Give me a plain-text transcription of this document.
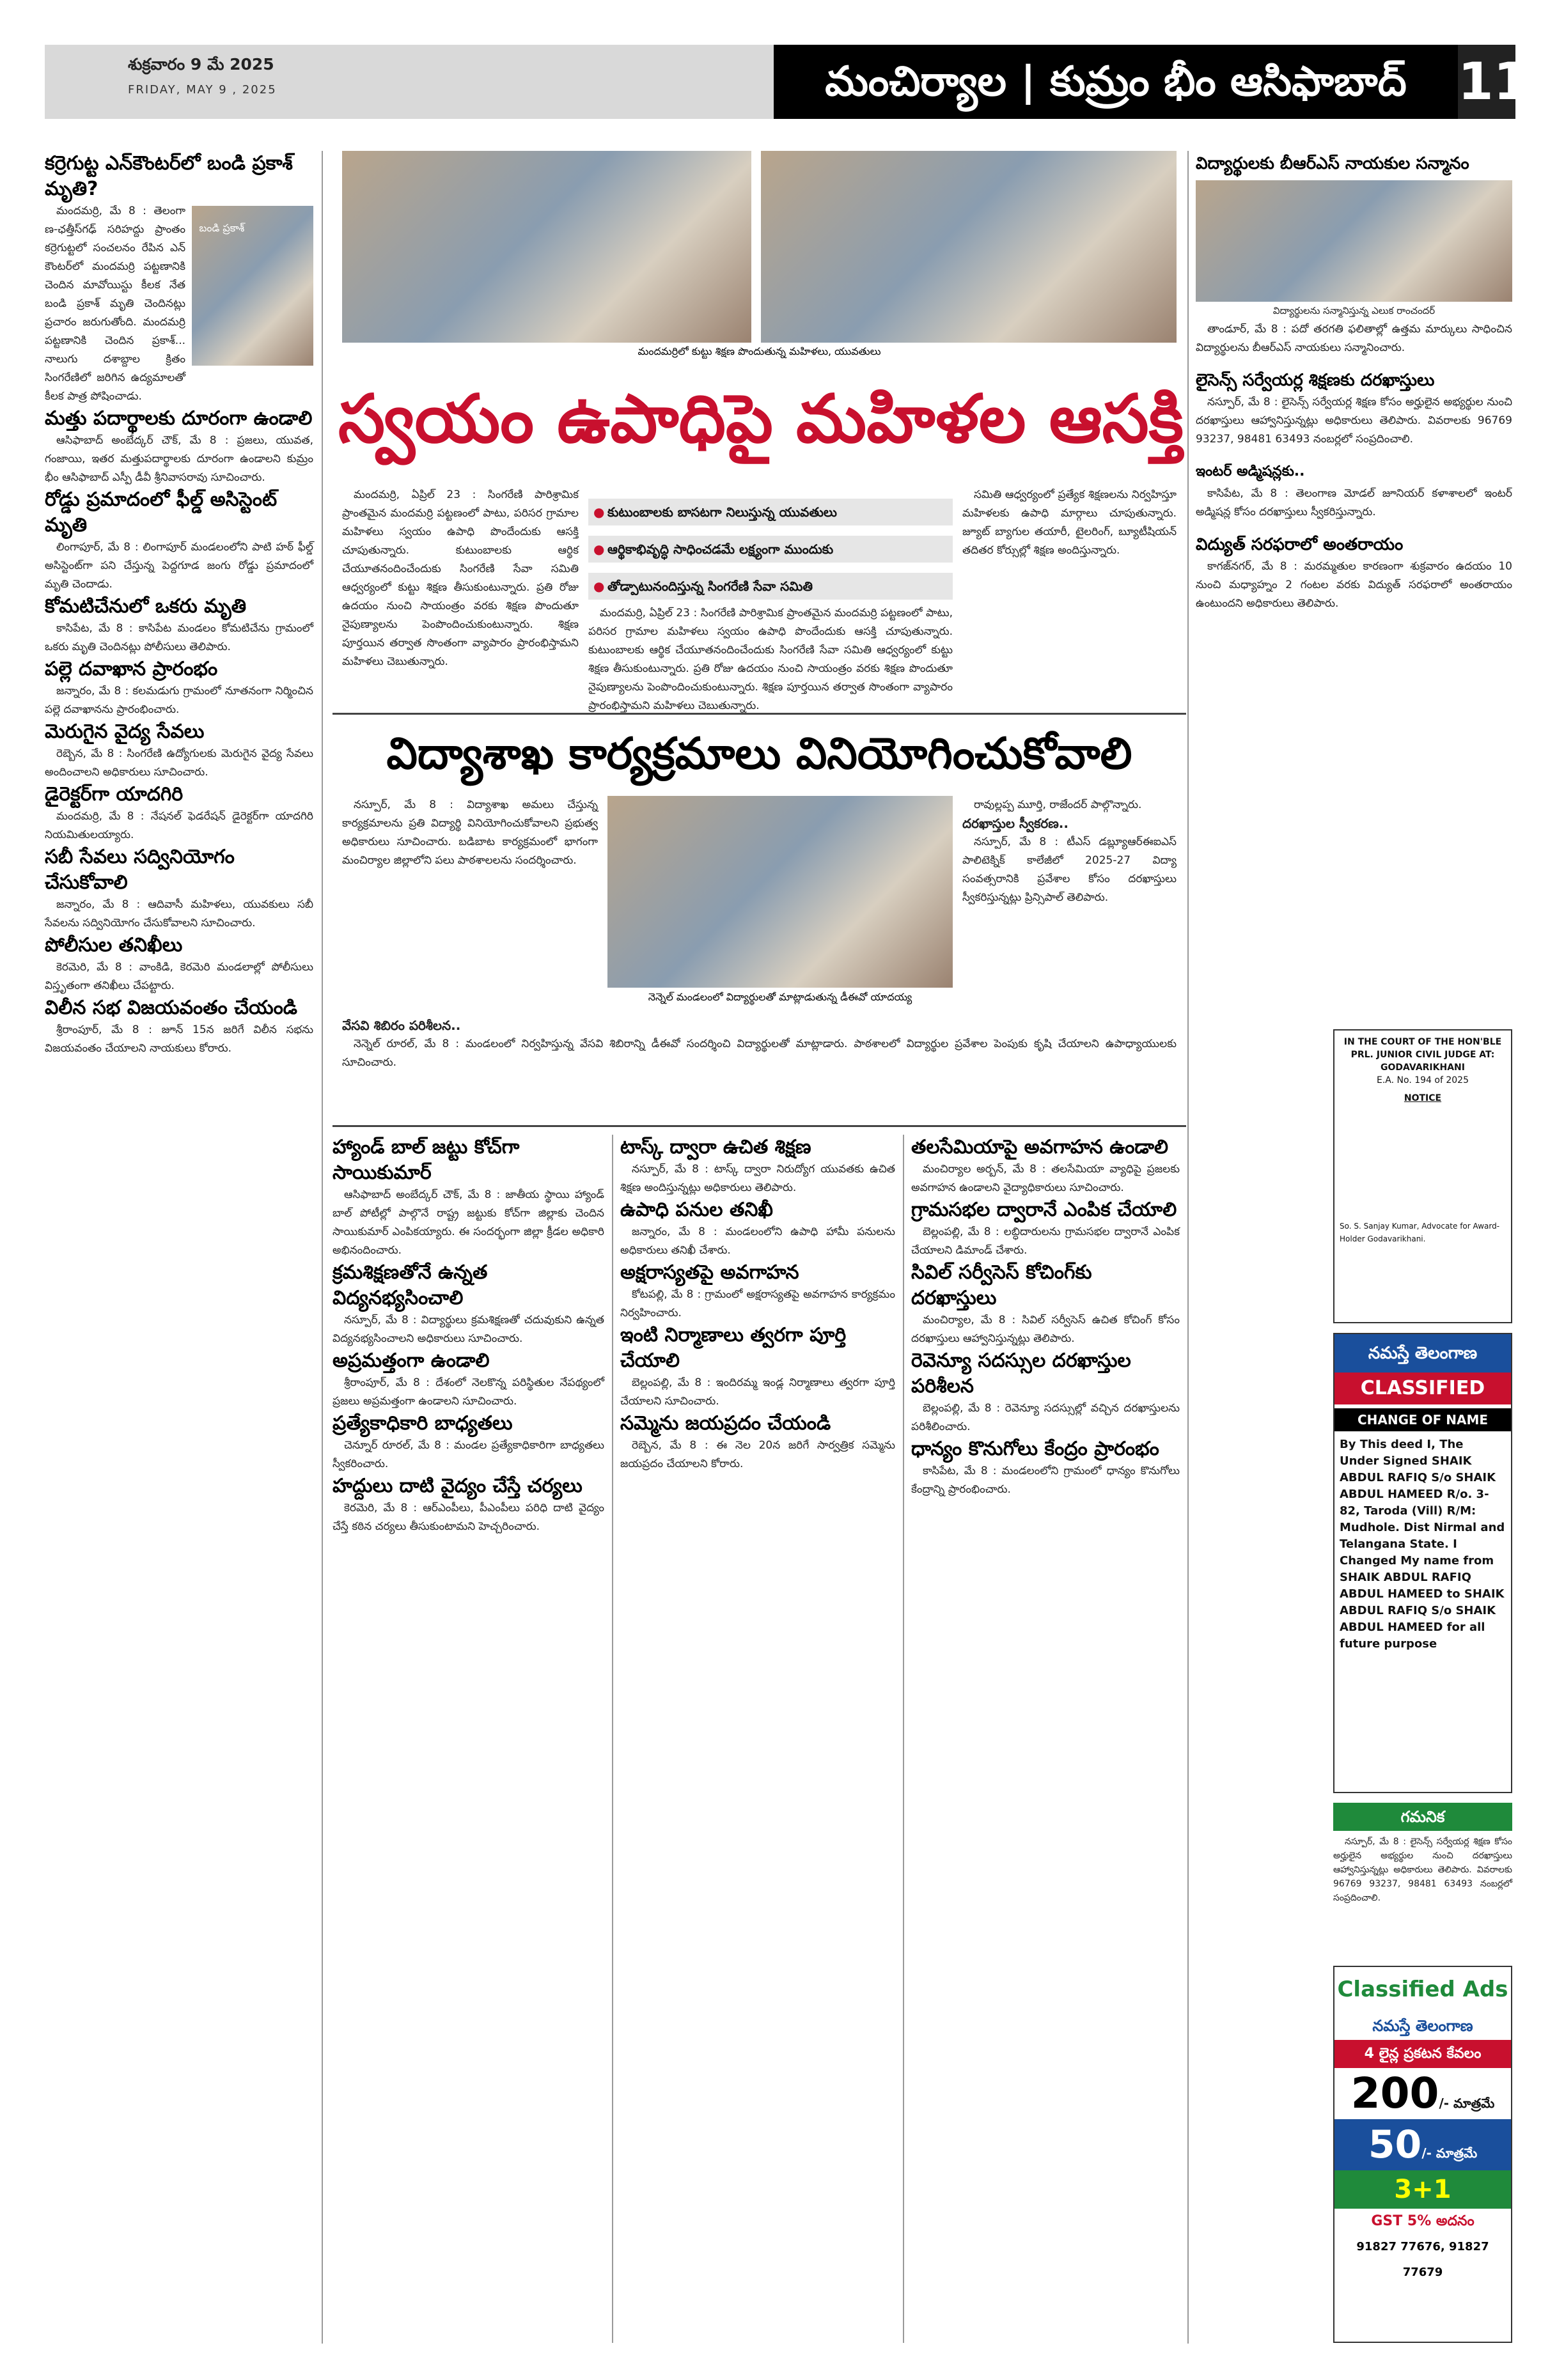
శుక్రవారం 9 మే 2025
FRIDAY, MAY 9 , 2025	మంచిర్యాల | కుమ్రం భీం ఆసిఫాబాద్	11
కర్రెగుట్ట ఎన్‌కౌంటర్‌లో బండి ప్రకాశ్ మృతి?
బండి ప్రకాశ్

మందమర్రి, మే 8 : తెలంగా ణ-ఛత్తీస్‌గఢ్ సరిహద్దు ప్రాంతం కర్రెగుట్టలో సంచలనం రేపిన ఎన్ కౌంటర్‌లో మందమర్రి పట్టణానికి చెందిన మావోయిస్టు కీలక నేత బండి ప్రకాశ్ మృతి చెందినట్లు ప్రచారం జరుగుతోంది. మందమర్రి పట్టణానికి చెందిన ప్రకాశ్... నాలుగు దశాబ్దాల క్రితం సింగరేణిలో జరిగిన ఉద్యమాలతో కీలక పాత్ర పోషించాడు.

మత్తు పదార్థాలకు దూరంగా ఉండాలి

ఆసిఫాబాద్ అంబేద్కర్ చౌక్, మే 8 : ప్రజలు, యువత, గంజాయి, ఇతర మత్తుపదార్థాలకు దూరంగా ఉండాలని కుమ్రం భీం ఆసిఫాబాద్ ఎస్పీ డీవీ శ్రీనివాసరావు సూచించారు.

రోడ్డు ప్రమాదంలో ఫీల్డ్ అసిస్టెంట్ మృతి

లింగాపూర్, మే 8 : లింగాపూర్ మండలంలోని పాటి హఠ్ ఫీల్డ్ అసిస్టెంట్‌గా పని చేస్తున్న పెద్దగూడ జంగు రోడ్డు ప్రమాదంలో మృతి చెందాడు.

కోమటిచేనులో ఒకరు మృతి

కాసిపేట, మే 8 : కాసిపేట మండలం కోమటిచేను గ్రామంలో ఒకరు మృతి చెందినట్లు పోలీసులు తెలిపారు.

పల్లె దవాఖాన ప్రారంభం

జన్నారం, మే 8 : కలమడుగు గ్రామంలో నూతనంగా నిర్మించిన పల్లె దవాఖానను ప్రారంభించారు.

మెరుగైన వైద్య సేవలు

రెబ్బెన, మే 8 : సింగరేణి ఉద్యోగులకు మెరుగైన వైద్య సేవలు అందించాలని అధికారులు సూచించారు.

డైరెక్టర్‌గా యాదగిరి

మందమర్రి, మే 8 : నేషనల్ ఫెడరేషన్ డైరెక్టర్‌గా యాదగిరి నియమితులయ్యారు.

సబీ సేవలు సద్వినియోగం చేసుకోవాలి

జన్నారం, మే 8 : ఆదివాసీ మహిళలు, యువకులు సబీ సేవలను సద్వినియోగం చేసుకోవాలని సూచించారు.

పోలీసుల తనిఖీలు

కెరమెరి, మే 8 : వాంకిడి, కెరమెరి మండలాల్లో పోలీసులు విస్తృతంగా తనిఖీలు చేపట్టారు.

విలీన సభ విజయవంతం చేయండి

శ్రీరాంపూర్, మే 8 : జూన్ 15న జరిగే విలీన సభను విజయవంతం చేయాలని నాయకులు కోరారు.

మందమర్రిలో కుట్టు శిక్షణ పొందుతున్న మహిళలు, యువతులు
స్వయం ఉపాధిపై మహిళల ఆసక్తి

మందమర్రి, ఏప్రిల్ 23 : సింగరేణి పారిశ్రామిక ప్రాంతమైన మందమర్రి పట్టణంలో పాటు, పరిసర గ్రామాల మహిళలు స్వయం ఉపాధి పొందేందుకు ఆసక్తి చూపుతున్నారు. కుటుంబాలకు ఆర్థిక చేయూతనందించేందుకు సింగరేణి సేవా సమితి ఆధ్వర్యంలో కుట్టు శిక్షణ తీసుకుంటున్నారు. ప్రతి రోజు ఉదయం నుంచి సాయంత్రం వరకు శిక్షణ పొందుతూ నైపుణ్యాలను పెంపొందించుకుంటున్నారు. శిక్షణ పూర్తయిన తర్వాత సొంతంగా వ్యాపారం ప్రారంభిస్తామని మహిళలు చెబుతున్నారు.

● కుటుంబాలకు బాసటగా నిలుస్తున్న యువతులు
● ఆర్థికాభివృద్ధి సాధించడమే లక్ష్యంగా ముందుకు
● తోడ్పాటునందిస్తున్న సింగరేణి సేవా సమితి

మందమర్రి, ఏప్రిల్ 23 : సింగరేణి పారిశ్రామిక ప్రాంతమైన మందమర్రి పట్టణంలో పాటు, పరిసర గ్రామాల మహిళలు స్వయం ఉపాధి పొందేందుకు ఆసక్తి చూపుతున్నారు. కుటుంబాలకు ఆర్థిక చేయూతనందించేందుకు సింగరేణి సేవా సమితి ఆధ్వర్యంలో కుట్టు శిక్షణ తీసుకుంటున్నారు. ప్రతి రోజు ఉదయం నుంచి సాయంత్రం వరకు శిక్షణ పొందుతూ నైపుణ్యాలను పెంపొందించుకుంటున్నారు. శిక్షణ పూర్తయిన తర్వాత సొంతంగా వ్యాపారం ప్రారంభిస్తామని మహిళలు చెబుతున్నారు.

సమితి ఆధ్వర్యంలో ప్రత్యేక శిక్షణలను నిర్వహిస్తూ మహిళలకు ఉపాధి మార్గాలు చూపుతున్నారు. జ్యూట్ బ్యాగుల తయారీ, టైలరింగ్, బ్యూటీషియన్ తదితర కోర్సుల్లో శిక్షణ అందిస్తున్నారు.

విద్యాశాఖ కార్యక్రమాలు వినియోగించుకోవాలి

నస్పూర్, మే 8 : విద్యాశాఖ అమలు చేస్తున్న కార్యక్రమాలను ప్రతి విద్యార్థి వినియోగించుకోవాలని ప్రభుత్వ అధికారులు సూచించారు. బడిబాట కార్యక్రమంలో భాగంగా మంచిర్యాల జిల్లాలోని పలు పాఠశాలలను సందర్శించారు.

నెన్నెల్ మండలంలో విద్యార్థులతో మాట్లాడుతున్న డీఈవో యాదయ్య

రావుల్లప్ప మూర్తి, రాజేందర్ పాల్గొన్నారు.

దరఖాస్తుల స్వీకరణ..

నస్పూర్, మే 8 : టీఎస్ డబ్ల్యూఆర్‌ఈఐఎస్ పాలిటెక్నిక్ కాలేజీలో 2025-27 విద్యా సంవత్సరానికి ప్రవేశాల కోసం దరఖాస్తులు స్వీకరిస్తున్నట్లు ప్రిన్సిపాల్ తెలిపారు.

వేసవి శిబిరం పరిశీలన..

నెన్నెల్ రూరల్, మే 8 : మండలంలో నిర్వహిస్తున్న వేసవి శిబిరాన్ని డీఈవో సందర్శించి విద్యార్థులతో మాట్లాడారు. పాఠశాలలో విద్యార్థుల ప్రవేశాల పెంపుకు కృషి చేయాలని ఉపాధ్యాయులకు సూచించారు.

హ్యాండ్ బాల్ జట్టు కోచ్‌గా సాయికుమార్

ఆసిఫాబాద్ అంబేద్కర్ చౌక్, మే 8 : జాతీయ స్థాయి హ్యాండ్ బాల్ పోటీల్లో పాల్గొనే రాష్ట్ర జట్టుకు కోచ్‌గా జిల్లాకు చెందిన సాయికుమార్ ఎంపికయ్యారు. ఈ సందర్భంగా జిల్లా క్రీడల అధికారి అభినందించారు.

క్రమశిక్షణతోనే ఉన్నత విద్యనభ్యసించాలి

నస్పూర్, మే 8 : విద్యార్థులు క్రమశిక్షణతో చదువుకుని ఉన్నత విద్యనభ్యసించాలని అధికారులు సూచించారు.

అప్రమత్తంగా ఉండాలి

శ్రీరాంపూర్, మే 8 : దేశంలో నెలకొన్న పరిస్థితుల నేపథ్యంలో ప్రజలు అప్రమత్తంగా ఉండాలని సూచించారు.

ప్రత్యేకాధికారి బాధ్యతలు

చెన్నూర్ రూరల్, మే 8 : మండల ప్రత్యేకాధికారిగా బాధ్యతలు స్వీకరించారు.

హద్దులు దాటి వైద్యం చేస్తే చర్యలు

కెరమెరి, మే 8 : ఆర్‌ఎంపీలు, పీఎంపీలు పరిధి దాటి వైద్యం చేస్తే కఠిన చర్యలు తీసుకుంటామని హెచ్చరించారు.

టాస్క్ ద్వారా ఉచిత శిక్షణ

నస్పూర్, మే 8 : టాస్క్ ద్వారా నిరుద్యోగ యువతకు ఉచిత శిక్షణ అందిస్తున్నట్లు అధికారులు తెలిపారు.

ఉపాధి పనుల తనిఖీ

జన్నారం, మే 8 : మండలంలోని ఉపాధి హామీ పనులను అధికారులు తనిఖీ చేశారు.

అక్షరాస్యతపై అవగాహన

కోటపల్లి, మే 8 : గ్రామంలో అక్షరాస్యతపై అవగాహన కార్యక్రమం నిర్వహించారు.

ఇంటి నిర్మాణాలు త్వరగా పూర్తి చేయాలి

బెల్లంపల్లి, మే 8 : ఇందిరమ్మ ఇండ్ల నిర్మాణాలు త్వరగా పూర్తి చేయాలని సూచించారు.

సమ్మెను జయప్రదం చేయండి

రెబ్బెన, మే 8 : ఈ నెల 20న జరిగే సార్వత్రిక సమ్మెను జయప్రదం చేయాలని కోరారు.

తలసేమియాపై అవగాహన ఉండాలి

మంచిర్యాల అర్బన్, మే 8 : తలసేమియా వ్యాధిపై ప్రజలకు అవగాహన ఉండాలని వైద్యాధికారులు సూచించారు.

గ్రామసభల ద్వారానే ఎంపిక చేయాలి

బెల్లంపల్లి, మే 8 : లబ్ధిదారులను గ్రామసభల ద్వారానే ఎంపిక చేయాలని డిమాండ్ చేశారు.

సివిల్ సర్వీసెస్ కోచింగ్‌కు దరఖాస్తులు

మంచిర్యాల, మే 8 : సివిల్ సర్వీసెస్ ఉచిత కోచింగ్ కోసం దరఖాస్తులు ఆహ్వానిస్తున్నట్లు తెలిపారు.

రెవెన్యూ సదస్సుల దరఖాస్తుల పరిశీలన

బెల్లంపల్లి, మే 8 : రెవెన్యూ సదస్సుల్లో వచ్చిన దరఖాస్తులను పరిశీలించారు.

ధాన్యం కొనుగోలు కేంద్రం ప్రారంభం

కాసిపేట, మే 8 : మండలంలోని గ్రామంలో ధాన్యం కొనుగోలు కేంద్రాన్ని ప్రారంభించారు.

విద్యార్థులకు బీఆర్‌ఎస్ నాయకుల సన్మానం
విద్యార్థులను సన్మానిస్తున్న ఎలుక రాంచందర్

తాండూర్, మే 8 : పదో తరగతి ఫలితాల్లో ఉత్తమ మార్కులు సాధించిన విద్యార్థులను బీఆర్‌ఎస్ నాయకులు సన్మానించారు.

లైసెన్స్ సర్వేయర్ల శిక్షణకు దరఖాస్తులు

నస్పూర్, మే 8 : లైసెన్స్ సర్వేయర్ల శిక్షణ కోసం అర్హులైన అభ్యర్థుల నుంచి దరఖాస్తులు ఆహ్వానిస్తున్నట్లు అధికారులు తెలిపారు. వివరాలకు 96769 93237, 98481 63493 నంబర్లలో సంప్రదించాలి.

ఇంటర్ అడ్మిషన్లకు..

కాసిపేట, మే 8 : తెలంగాణ మోడల్ జూనియర్ కళాశాలలో ఇంటర్ అడ్మిషన్ల కోసం దరఖాస్తులు స్వీకరిస్తున్నారు.

విద్యుత్ సరఫరాలో అంతరాయం

కాగజ్‌నగర్, మే 8 : మరమ్మతుల కారణంగా శుక్రవారం ఉదయం 10 నుంచి మధ్యాహ్నం 2 గంటల వరకు విద్యుత్ సరఫరాలో అంతరాయం ఉంటుందని అధికారులు తెలిపారు.

IN THE COURT OF THE HON'BLE PRL. JUNIOR CIVIL JUDGE AT: GODAVARIKHANI
E.A. No. 194 of 2025
NOTICE
So. S. Sanjay Kumar, Advocate for Award-Holder Godavarikhani.
నమస్తే తెలంగాణ
CLASSIFIED
CHANGE OF NAME
By This deed I, The Under Signed SHAIK ABDUL RAFIQ S/o SHAIK ABDUL HAMEED R/o. 3-82, Taroda (Vill) R/M: Mudhole. Dist Nirmal and Telangana State. I Changed My name from SHAIK ABDUL RAFIQ ABDUL HAMEED to SHAIK ABDUL RAFIQ S/o SHAIK ABDUL HAMEED for all future purpose
గమనిక

నస్పూర్, మే 8 : లైసెన్స్ సర్వేయర్ల శిక్షణ కోసం అర్హులైన అభ్యర్థుల నుంచి దరఖాస్తులు ఆహ్వానిస్తున్నట్లు అధికారులు తెలిపారు. వివరాలకు 96769 93237, 98481 63493 నంబర్లలో సంప్రదించాలి.

Classified Ads
నమస్తే తెలంగాణ
4 లైన్ల ప్రకటన కేవలం
200/- మాత్రమే
50/- మాత్రమే
3+1
GST 5% అదనం
91827 77676, 91827 77679
